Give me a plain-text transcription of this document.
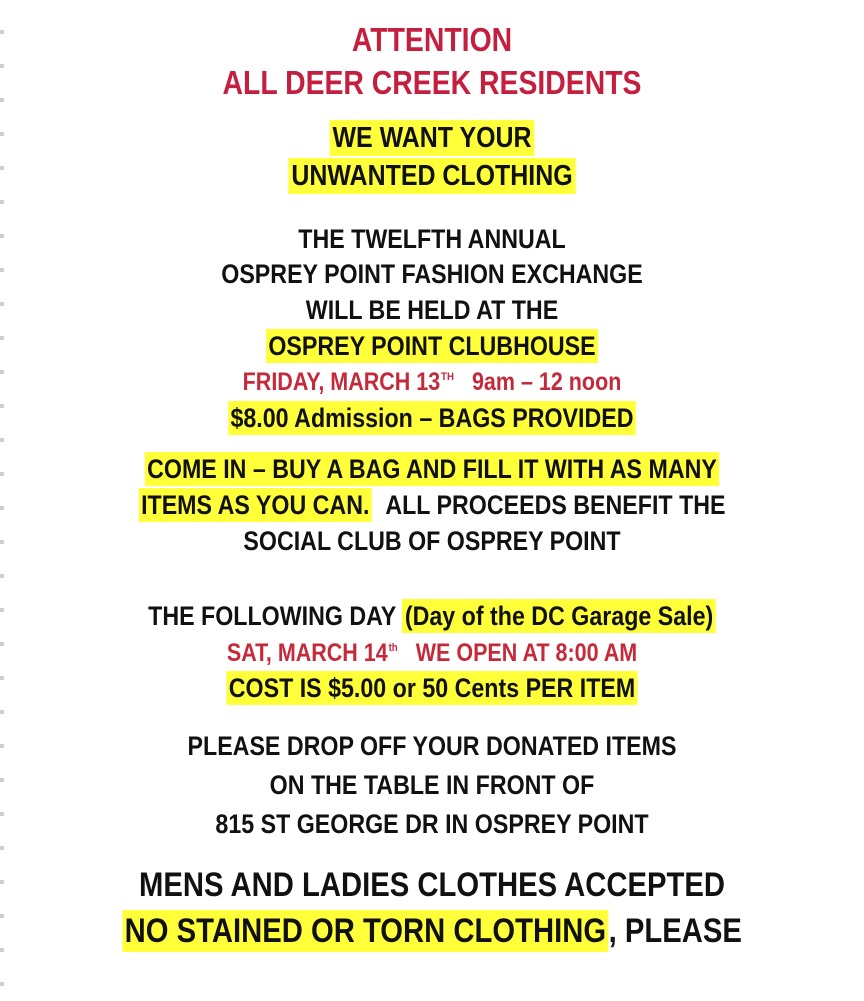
ATTENTION
ALL DEER CREEK RESIDENTS
WE WANT YOUR
UNWANTED CLOTHING
THE TWELFTH ANNUAL
OSPREY POINT FASHION EXCHANGE
WILL BE HELD AT THE
OSPREY POINT CLUBHOUSE
FRIDAY, MARCH 13TH 9am – 12 noon
$8.00 Admission – BAGS PROVIDED
COME IN – BUY A BAG AND FILL IT WITH AS MANY
ITEMS AS YOU CAN. ALL PROCEEDS BENEFIT THE
SOCIAL CLUB OF OSPREY POINT
THE FOLLOWING DAY (Day of the DC Garage Sale)
SAT, MARCH 14th WE OPEN AT 8:00 AM
COST IS $5.00 or 50 Cents PER ITEM
PLEASE DROP OFF YOUR DONATED ITEMS
ON THE TABLE IN FRONT OF
815 ST GEORGE DR IN OSPREY POINT
MENS AND LADIES CLOTHES ACCEPTED
NO STAINED OR TORN CLOTHING, PLEASE
